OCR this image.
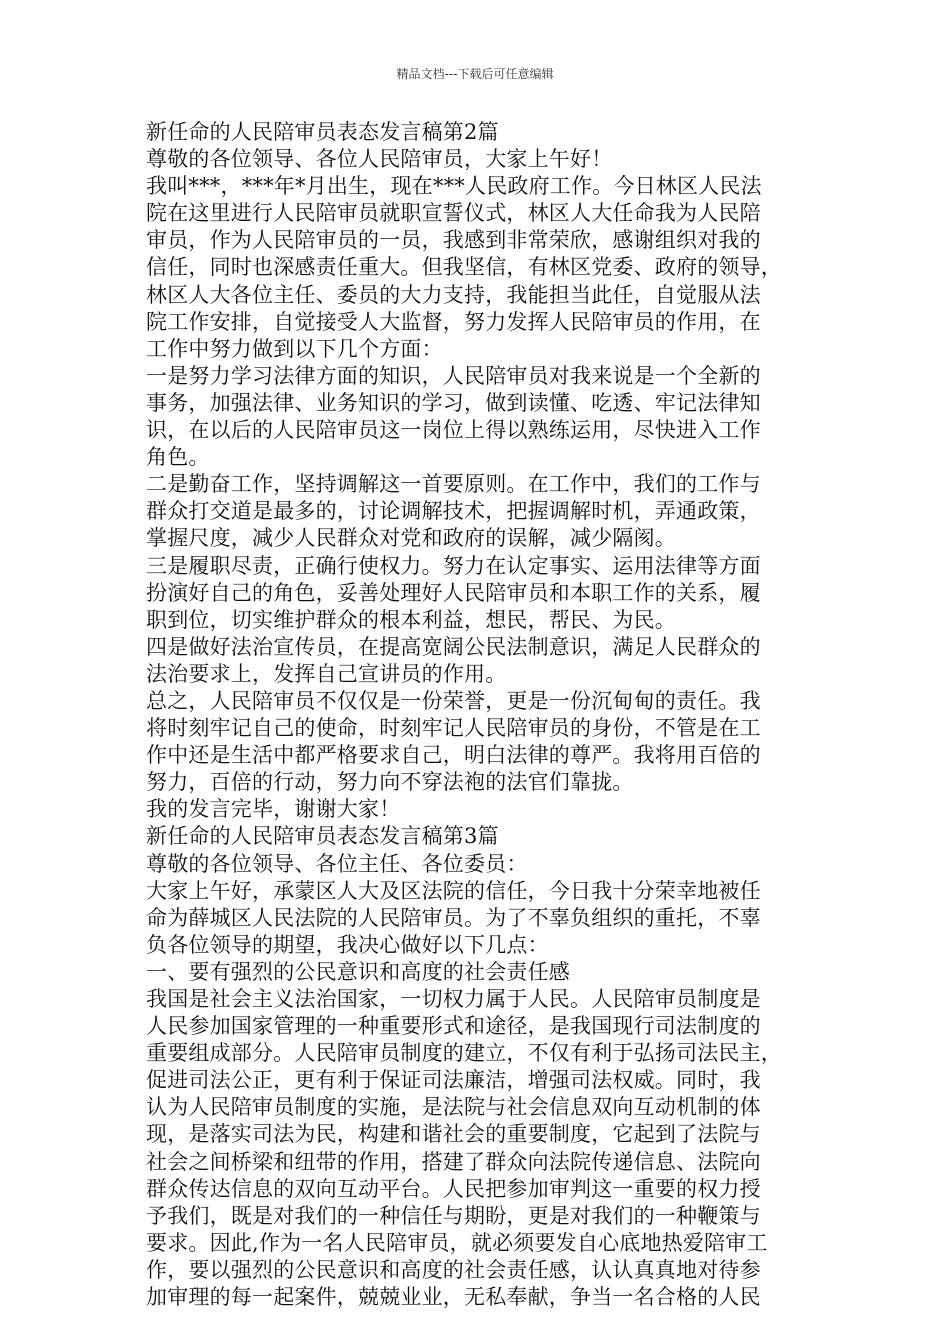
精品文档---下载后可任意编辑
新任命的人民陪审员表态发言稿第2篇
尊敬的各位领导、各位人民陪审员，大家上午好！
我叫***，***年*月出生，现在***人民政府工作。今日林区人民法
院在这里进行人民陪审员就职宣誓仪式，林区人大任命我为人民陪
审员，作为人民陪审员的一员，我感到非常荣欣，感谢组织对我的
信任，同时也深感责任重大。但我坚信，有林区党委、政府的领导，
林区人大各位主任、委员的大力支持，我能担当此任，自觉服从法
院工作安排，自觉接受人大监督，努力发挥人民陪审员的作用，在
工作中努力做到以下几个方面：
一是努力学习法律方面的知识，人民陪审员对我来说是一个全新的
事务，加强法律、业务知识的学习，做到读懂、吃透、牢记法律知
识，在以后的人民陪审员这一岗位上得以熟练运用，尽快进入工作
角色。
二是勤奋工作，坚持调解这一首要原则。在工作中，我们的工作与
群众打交道是最多的，讨论调解技术，把握调解时机，弄通政策，
掌握尺度，减少人民群众对党和政府的误解，减少隔阂。
三是履职尽责，正确行使权力。努力在认定事实、运用法律等方面
扮演好自己的角色，妥善处理好人民陪审员和本职工作的关系，履
职到位，切实维护群众的根本利益，想民，帮民、为民。
四是做好法治宣传员，在提高宽阔公民法制意识，满足人民群众的
法治要求上，发挥自己宣讲员的作用。
总之，人民陪审员不仅仅是一份荣誉，更是一份沉甸甸的责任。我
将时刻牢记自己的使命，时刻牢记人民陪审员的身份，不管是在工
作中还是生活中都严格要求自己，明白法律的尊严。我将用百倍的
努力，百倍的行动，努力向不穿法袍的法官们靠拢。
我的发言完毕，谢谢大家！
新任命的人民陪审员表态发言稿第3篇
尊敬的各位领导、各位主任、各位委员：
大家上午好，承蒙区人大及区法院的信任，今日我十分荣幸地被任
命为薛城区人民法院的人民陪审员。为了不辜负组织的重托，不辜
负各位领导的期望，我决心做好以下几点：
一、要有强烈的公民意识和高度的社会责任感
我国是社会主义法治国家，一切权力属于人民。人民陪审员制度是
人民参加国家管理的一种重要形式和途径，是我国现行司法制度的
重要组成部分。人民陪审员制度的建立，不仅有利于弘扬司法民主，
促进司法公正，更有利于保证司法廉洁，增强司法权威。同时，我
认为人民陪审员制度的实施，是法院与社会信息双向互动机制的体
现，是落实司法为民，构建和谐社会的重要制度，它起到了法院与
社会之间桥梁和纽带的作用，搭建了群众向法院传递信息、法院向
群众传达信息的双向互动平台。人民把参加审判这一重要的权力授
予我们，既是对我们的一种信任与期盼，更是对我们的一种鞭策与
要求。因此,作为一名人民陪审员，就必须要发自心底地热爱陪审工
作，要以强烈的公民意识和高度的社会责任感，认认真真地对待参
加审理的每一起案件，兢兢业业，无私奉献，争当一名合格的人民
